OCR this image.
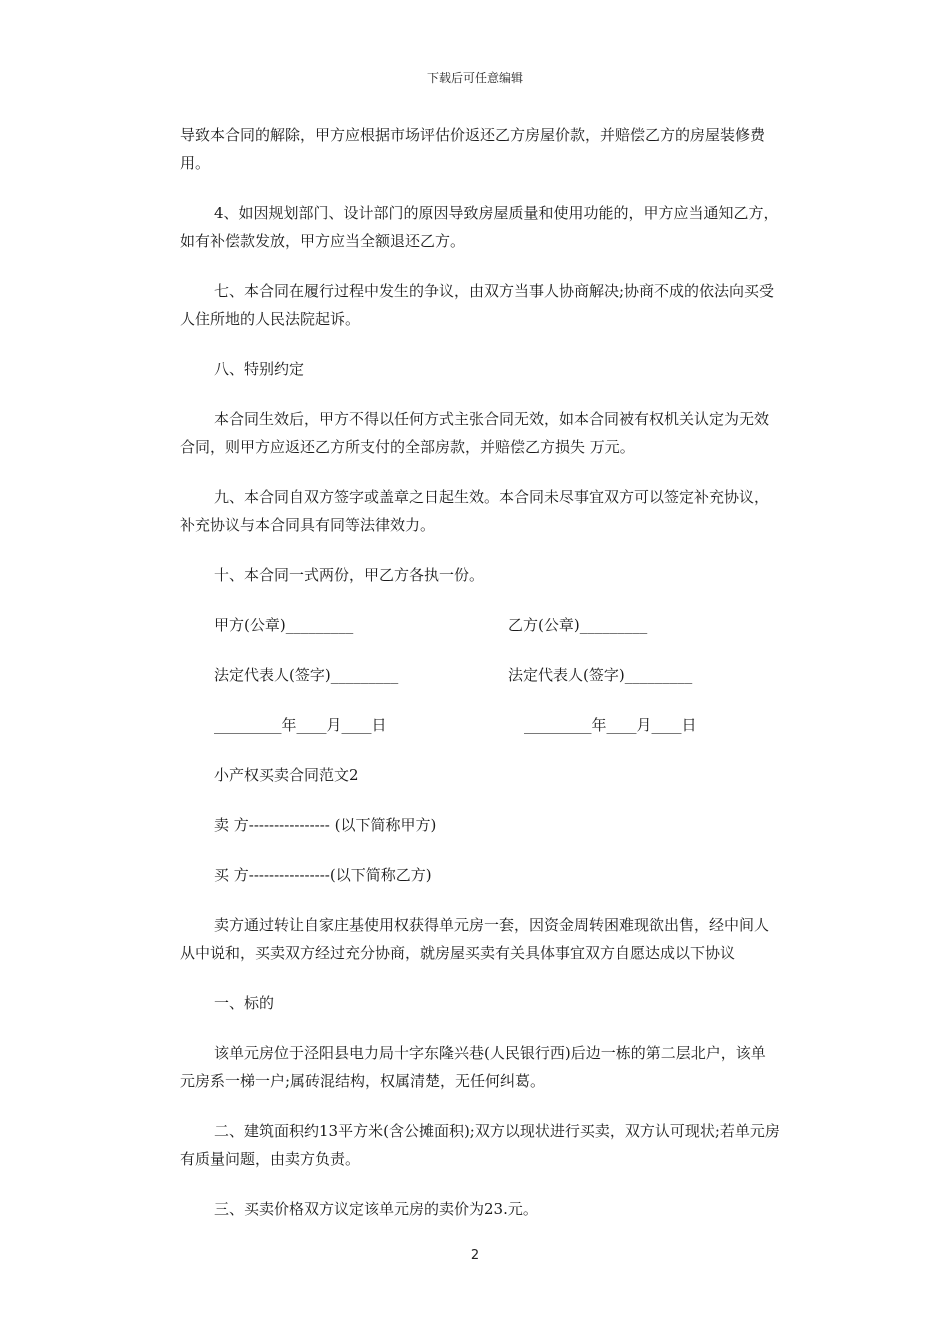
下载后可任意编辑

导致本合同的解除，甲方应根据市场评估价返还乙方房屋价款，并赔偿乙方的房屋装修费用。

4、如因规划部门、设计部门的原因导致房屋质量和使用功能的，甲方应当通知乙方，如有补偿款发放，甲方应当全额退还乙方。

七、本合同在履行过程中发生的争议，由双方当事人协商解决;协商不成的依法向买受人住所地的人民法院起诉。

八、特别约定

本合同生效后，甲方不得以任何方式主张合同无效，如本合同被有权机关认定为无效合同，则甲方应返还乙方所支付的全部房款，并赔偿乙方损失 万元。

九、本合同自双方签字或盖章之日起生效。本合同未尽事宜双方可以签定补充协议，补充协议与本合同具有同等法律效力。

十、本合同一式两份，甲乙方各执一份。

甲方(公章)_________	乙方(公章)_________
法定代表人(签字)_________	法定代表人(签字)_________
_________年____月____日	_________年____月____日

小产权买卖合同范文2

卖 方---------------- (以下简称甲方)

买 方----------------(以下简称乙方)

卖方通过转让自家庄基使用权获得单元房一套，因资金周转困难现欲出售，经中间人从中说和，买卖双方经过充分协商，就房屋买卖有关具体事宜双方自愿达成以下协议

一、标的

该单元房位于泾阳县电力局十字东隆兴巷(人民银行西)后边一栋的第二层北户，该单元房系一梯一户;属砖混结构，权属清楚，无任何纠葛。

二、建筑面积约13平方米(含公摊面积);双方以现状进行买卖，双方认可现状;若单元房有质量问题，由卖方负责。

三、买卖价格双方议定该单元房的卖价为23.元。

2
